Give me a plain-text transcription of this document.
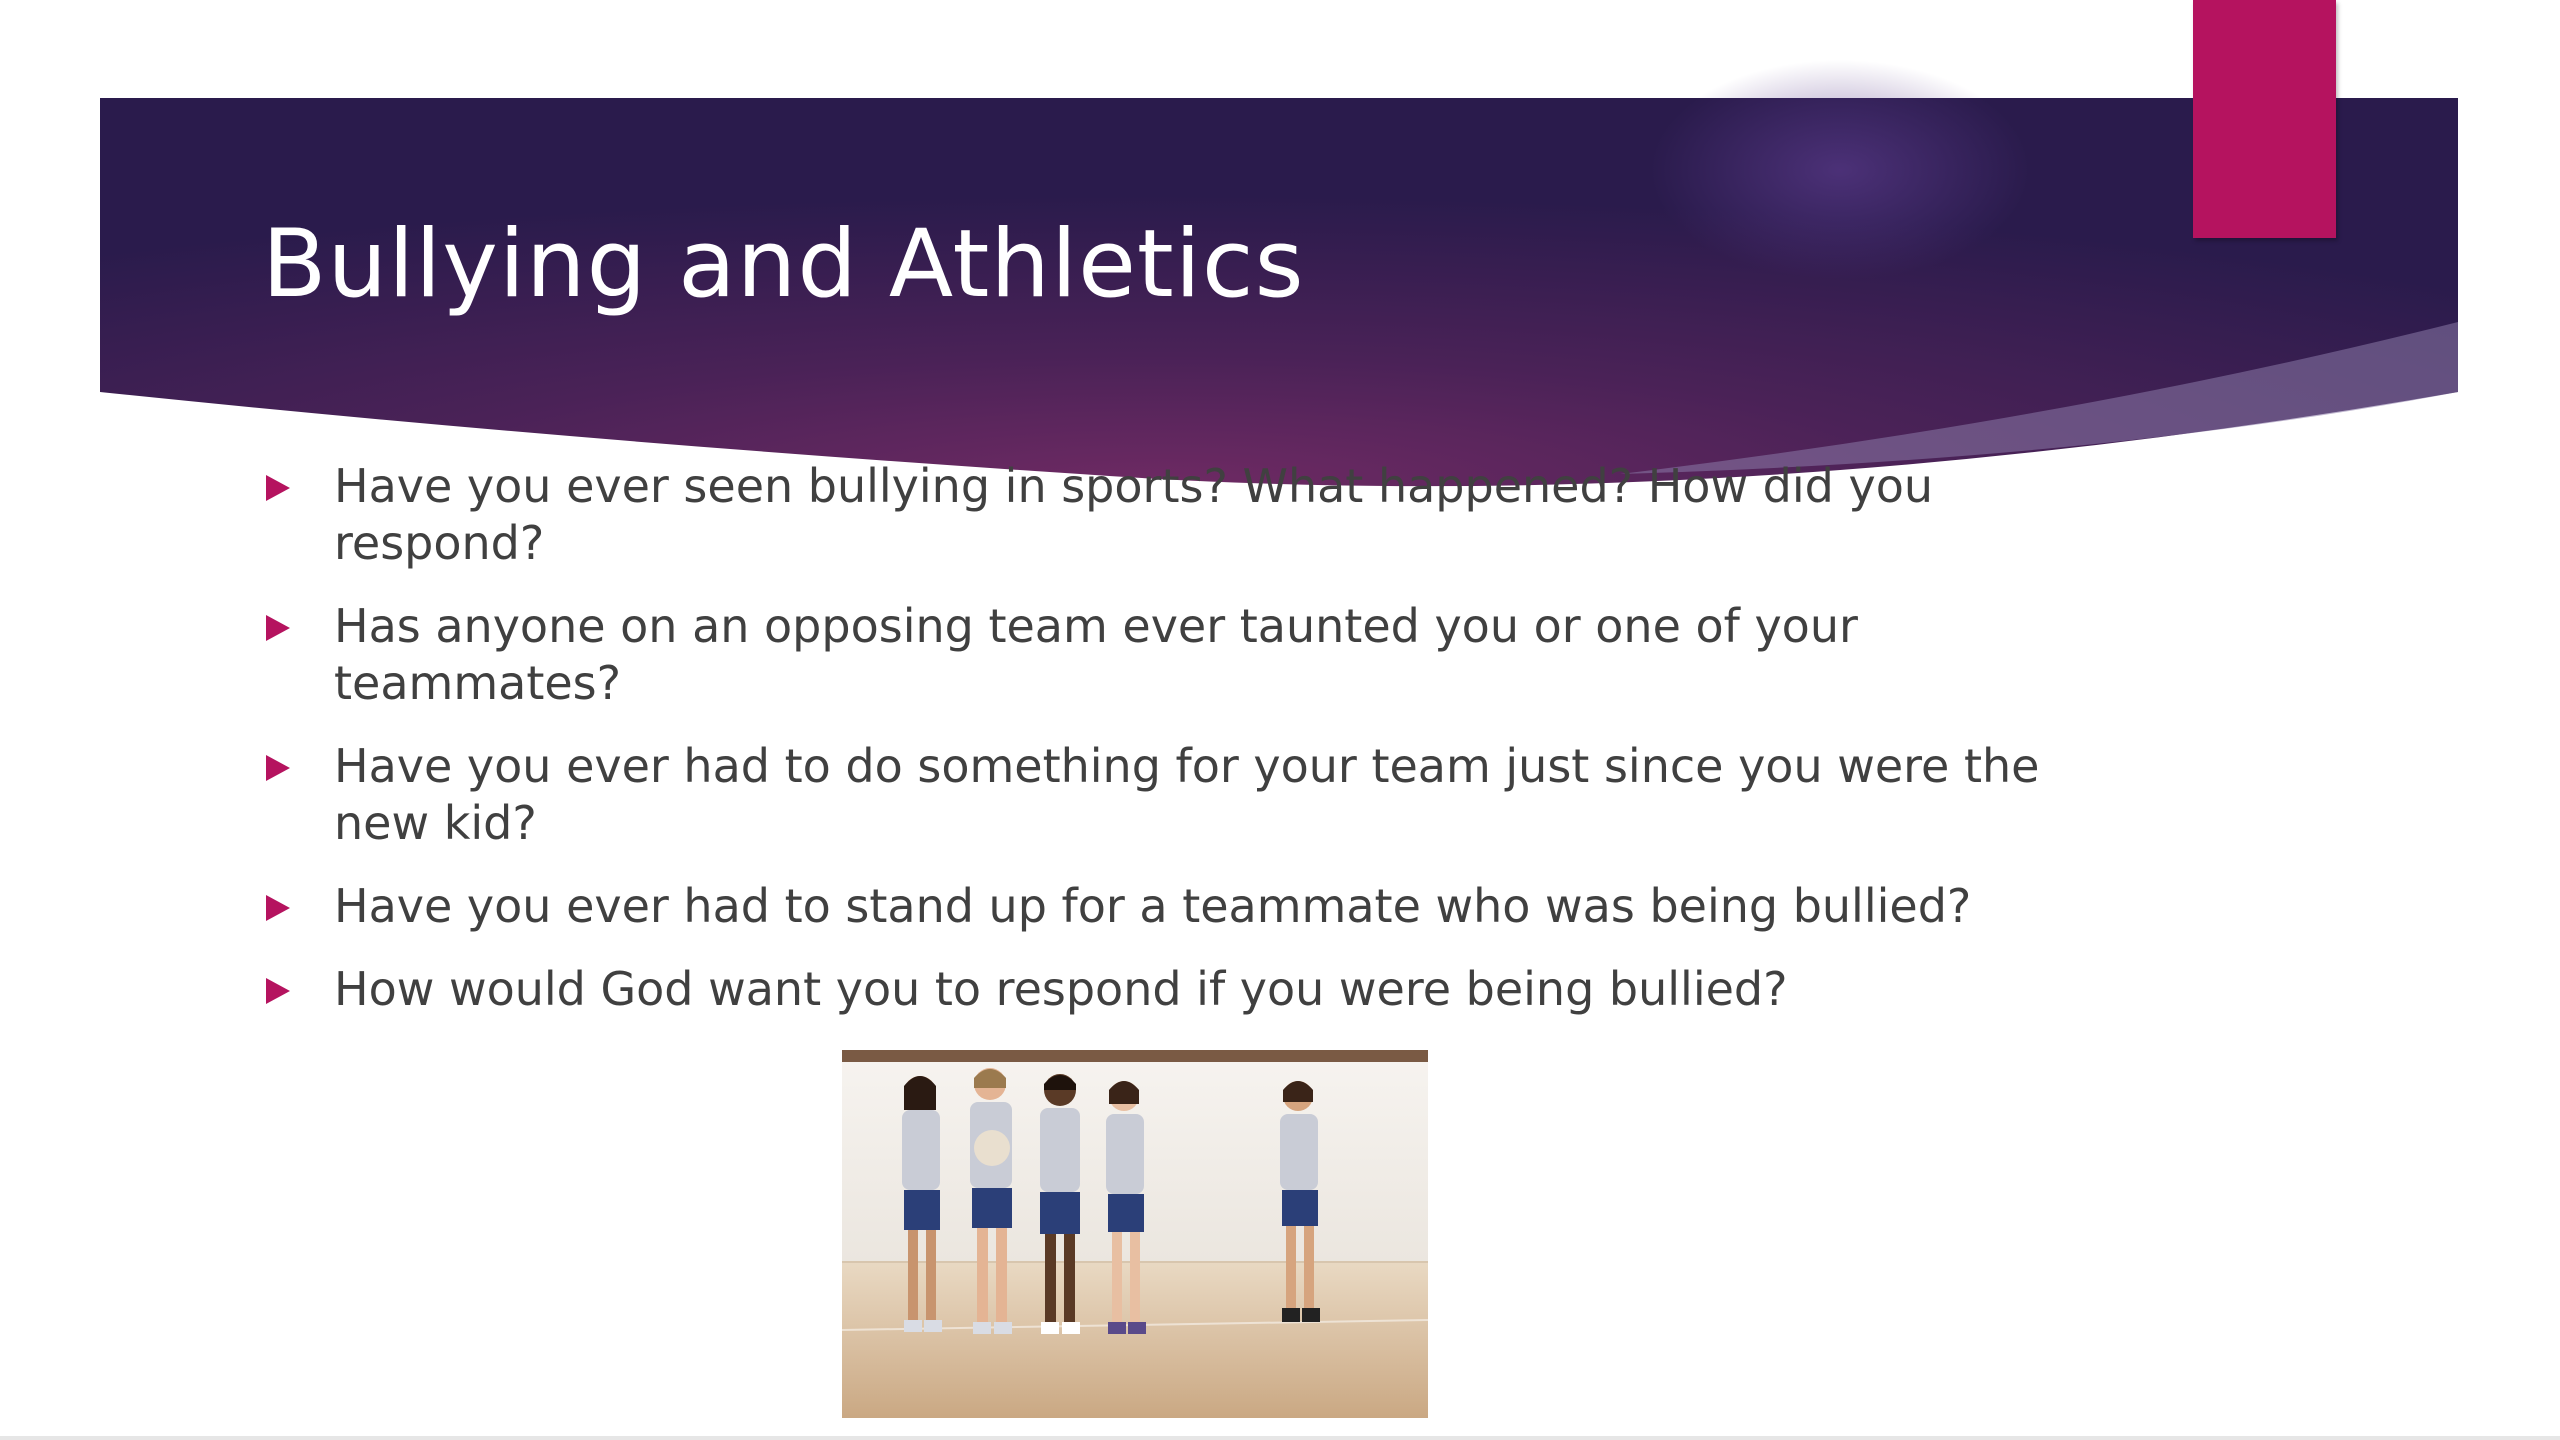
Bullying and Athletics
Have you ever seen bullying in sports? What happened? How did you respond?
Has anyone on an opposing team ever taunted you or one of your teammates?
Have you ever had to do something for your team just since you were the new kid?
Have you ever had to stand up for a teammate who was being bullied?
How would God want you to respond if you were being bullied?
